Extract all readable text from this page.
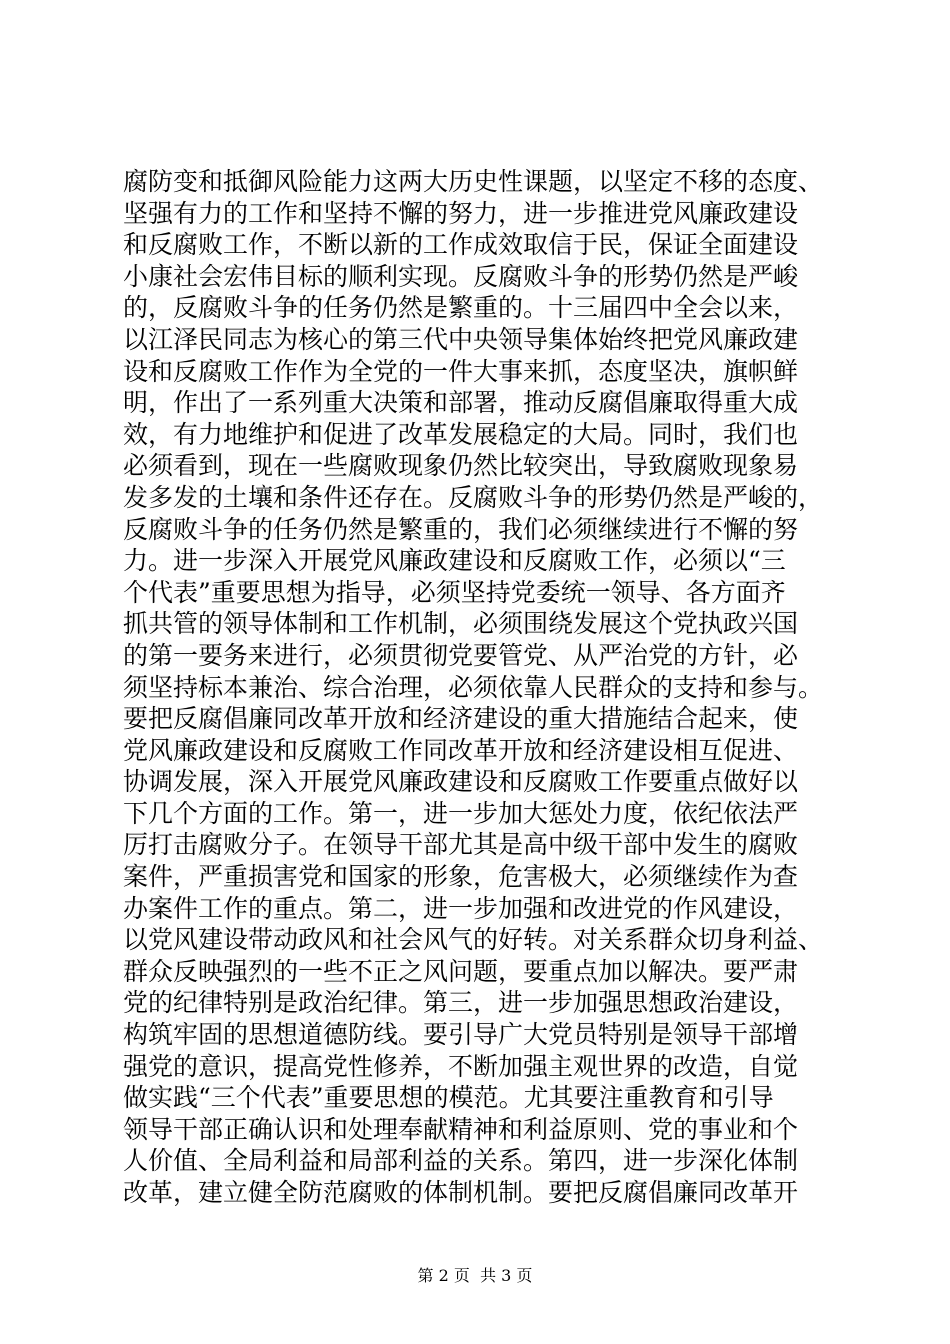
腐防变和抵御风险能力这两大历史性课题，以坚定不移的态度、
坚强有力的工作和坚持不懈的努力，进一步推进党风廉政建设
和反腐败工作，不断以新的工作成效取信于民，保证全面建设
小康社会宏伟目标的顺利实现。反腐败斗争的形势仍然是严峻
的，反腐败斗争的任务仍然是繁重的。十三届四中全会以来，
以江泽民同志为核心的第三代中央领导集体始终把党风廉政建
设和反腐败工作作为全党的一件大事来抓，态度坚决，旗帜鲜
明，作出了一系列重大决策和部署，推动反腐倡廉取得重大成
效，有力地维护和促进了改革发展稳定的大局。同时，我们也
必须看到，现在一些腐败现象仍然比较突出，导致腐败现象易
发多发的土壤和条件还存在。反腐败斗争的形势仍然是严峻的，
反腐败斗争的任务仍然是繁重的，我们必须继续进行不懈的努
力。进一步深入开展党风廉政建设和反腐败工作，必须以“三
个代表”重要思想为指导，必须坚持党委统一领导、各方面齐
抓共管的领导体制和工作机制，必须围绕发展这个党执政兴国
的第一要务来进行，必须贯彻党要管党、从严治党的方针，必
须坚持标本兼治、综合治理，必须依靠人民群众的支持和参与。
要把反腐倡廉同改革开放和经济建设的重大措施结合起来，使
党风廉政建设和反腐败工作同改革开放和经济建设相互促进、
协调发展，深入开展党风廉政建设和反腐败工作要重点做好以
下几个方面的工作。第一，进一步加大惩处力度，依纪依法严
厉打击腐败分子。在领导干部尤其是高中级干部中发生的腐败
案件，严重损害党和国家的形象，危害极大，必须继续作为查
办案件工作的重点。第二，进一步加强和改进党的作风建设，
以党风建设带动政风和社会风气的好转。对关系群众切身利益、
群众反映强烈的一些不正之风问题，要重点加以解决。要严肃
党的纪律特别是政治纪律。第三，进一步加强思想政治建设，
构筑牢固的思想道德防线。要引导广大党员特别是领导干部增
强党的意识，提高党性修养，不断加强主观世界的改造，自觉
做实践“三个代表”重要思想的模范。尤其要注重教育和引导
领导干部正确认识和处理奉献精神和利益原则、党的事业和个
人价值、全局利益和局部利益的关系。第四，进一步深化体制
改革，建立健全防范腐败的体制机制。要把反腐倡廉同改革开
第 2 页  共 3 页
